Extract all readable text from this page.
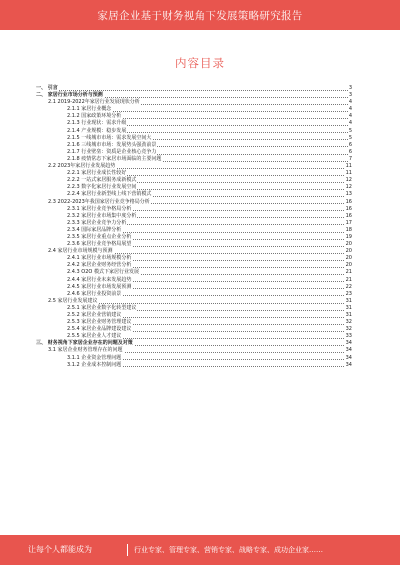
家居企业基于财务视角下发展策略研究报告
内容目录
一、 引言	3
二、 家居行业市场分析与预测	3
2.1 2019-2022年家居行业发展现状分析	4
2.1.1 家居行业概念	4
2.1.2 国家政策环境分析	4
2.1.3 行业现状：需求升级	4
2.1.4 产业规模：稳步发展	5
2.1.5 一线城市市场：需求发展空间大	5
2.1.6 三线城市市场：发展势头强劲前景	6
2.1.7 行业壁垒：资质是企业核心竞争力	6
2.1.8 疫情常态下家居市场面临的主要问题	7
2.2 2023年家居行业发展趋势	11
2.2.1 家居行业成长性较好	11
2.2.2 一站式家居服务成新模式	12
2.2.3 数字化家居行业发展空间	12
2.2.4 家居行业新型线上线下营销模式	13
2.3 2022-2023年我国家居行业竞争格局分析	16
2.3.1 家居行业竞争格局分析	16
2.3.2 家居行业市场集中度分析	16
2.3.3 家居企业竞争力分析	17
2.3.4 国际家居品牌分析	18
2.3.5 家居行业重点企业分析	19
2.3.6 家居行业竞争格局展望	20
2.4 家居行业市场规模与预测	20
2.4.1 家居行业市场规模分析	20
2.4.2 家居企业财务经营分析	20
2.4.3 O2O 模式下家居行业发展	21
2.4.4 家居行业未来发展趋势	21
2.4.5 家居行业市场发展预测	22
2.4.6 家居行业投资前景	23
2.5 家居行业发展建议	31
2.5.1 家居企业数字化转型建议	31
2.5.2 家居企业营销建议	31
2.5.3 家居企业财务管理建议	32
2.5.4 家居企业品牌建设建议	32
2.5.5 家居企业人才建议	33
三、 财务视角下家居企业存在的问题及对策	34
3.1 家居企业财务管理存在的问题	34
3.1.1 企业资金管理问题	34
3.1.2 企业成本控制问题	34
让每个人都能成为	行业专家、管理专家、营销专家、战略专家、成功企业家……
